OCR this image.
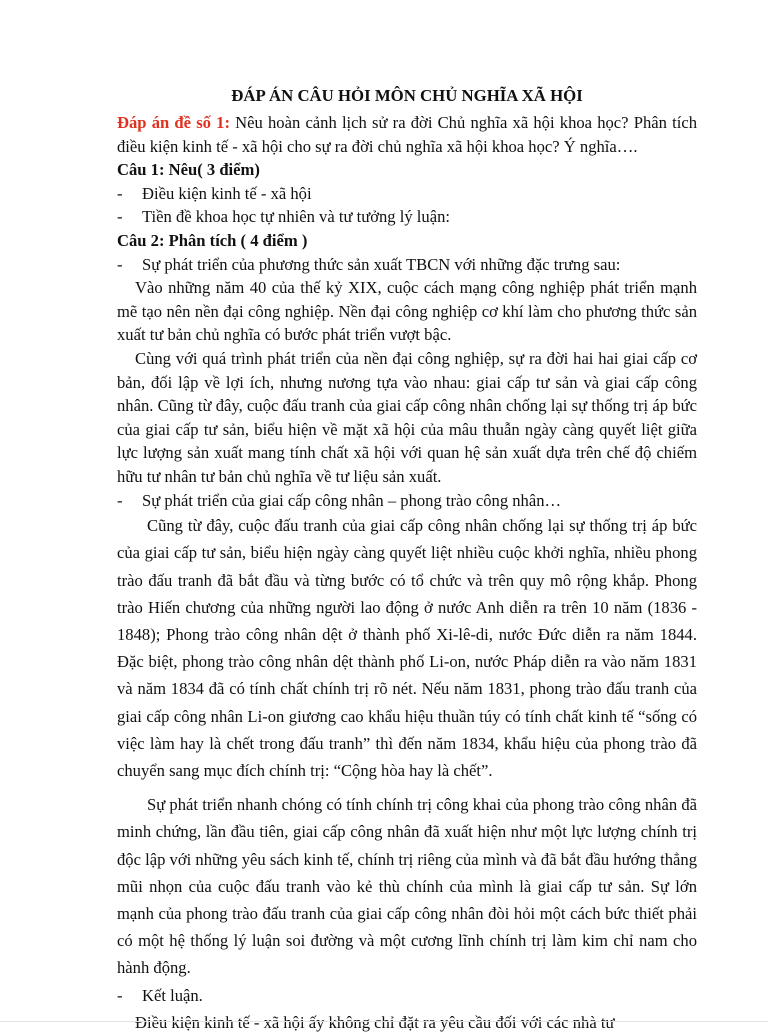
ĐÁP ÁN CÂU HỎI MÔN CHỦ NGHĨA XÃ HỘI

Đáp án đề số 1: Nêu hoàn cảnh lịch sử ra đời Chủ nghĩa xã hội khoa học? Phân tích điều kiện kinh tế - xã hội cho sự ra đời chủ nghĩa xã hội khoa học? Ý nghĩa….

Câu 1: Nêu( 3 điểm)

-	Điều kiện kinh tế - xã hội
-	Tiền đề khoa học tự nhiên và tư tưởng lý luận:

Câu 2: Phân tích ( 4 điểm )

-	Sự phát triển của phương thức sản xuất TBCN với những đặc trưng sau:

Vào những năm 40 của thế kỷ XIX, cuộc cách mạng công nghiệp phát triển mạnh mẽ tạo nên nền đại công nghiệp. Nền đại công nghiệp cơ khí làm cho phương thức sản xuất tư bản chủ nghĩa có bước phát triển vượt bậc.

Cùng với quá trình phát triển của nền đại công nghiệp, sự ra đời hai hai giai cấp cơ bản, đối lập về lợi ích, nhưng nương tựa vào nhau: giai cấp tư sản và giai cấp công nhân. Cũng từ đây, cuộc đấu tranh của giai cấp công nhân chống lại sự thống trị áp bức của giai cấp tư sản, biểu hiện về mặt xã hội của mâu thuẫn ngày càng quyết liệt giữa lực lượng sản xuất mang tính chất xã hội với quan hệ sản xuất dựa trên chế độ chiếm hữu tư nhân tư bản chủ nghĩa về tư liệu sản xuất.

-	Sự phát triển của giai cấp công nhân – phong trào công nhân…

Cũng từ đây, cuộc đấu tranh của giai cấp công nhân chống lại sự thống trị áp bức của giai cấp tư sản, biểu hiện ngày càng quyết liệt nhiều cuộc khởi nghĩa, nhiều phong trào đấu tranh đã bắt đầu và từng bước có tổ chức và trên quy mô rộng khắp. Phong trào Hiến chương của những người lao động ở nước Anh diễn ra trên 10 năm (1836 - 1848); Phong trào công nhân dệt ở thành phố Xi-lê-di, nước Đức diễn ra năm 1844. Đặc biệt, phong trào công nhân dệt thành phố Li-on, nước Pháp diễn ra vào năm 1831 và năm 1834 đã có tính chất chính trị rõ nét. Nếu năm 1831, phong trào đấu tranh của giai cấp công nhân Li-on giương cao khẩu hiệu thuần túy có tính chất kinh tế “sống có việc làm hay là chết trong đấu tranh” thì đến năm 1834, khẩu hiệu của phong trào đã chuyển sang mục đích chính trị: “Cộng hòa hay là chết”.

Sự phát triển nhanh chóng có tính chính trị công khai của phong trào công nhân đã minh chứng, lần đầu tiên, giai cấp công nhân đã xuất hiện như một lực lượng chính trị độc lập với những yêu sách kinh tế, chính trị riêng của mình và đã bắt đầu hướng thẳng mũi nhọn của cuộc đấu tranh vào kẻ thù chính của mình là giai cấp tư sản. Sự lớn mạnh của phong trào đấu tranh của giai cấp công nhân đòi hỏi một cách bức thiết phải có một hệ thống lý luận soi đường và một cương lĩnh chính trị làm kim chỉ nam cho hành động.

-	Kết luận.

Điều kiện kinh tế - xã hội ấy không chỉ đặt ra yêu cầu đối với các nhà tư
